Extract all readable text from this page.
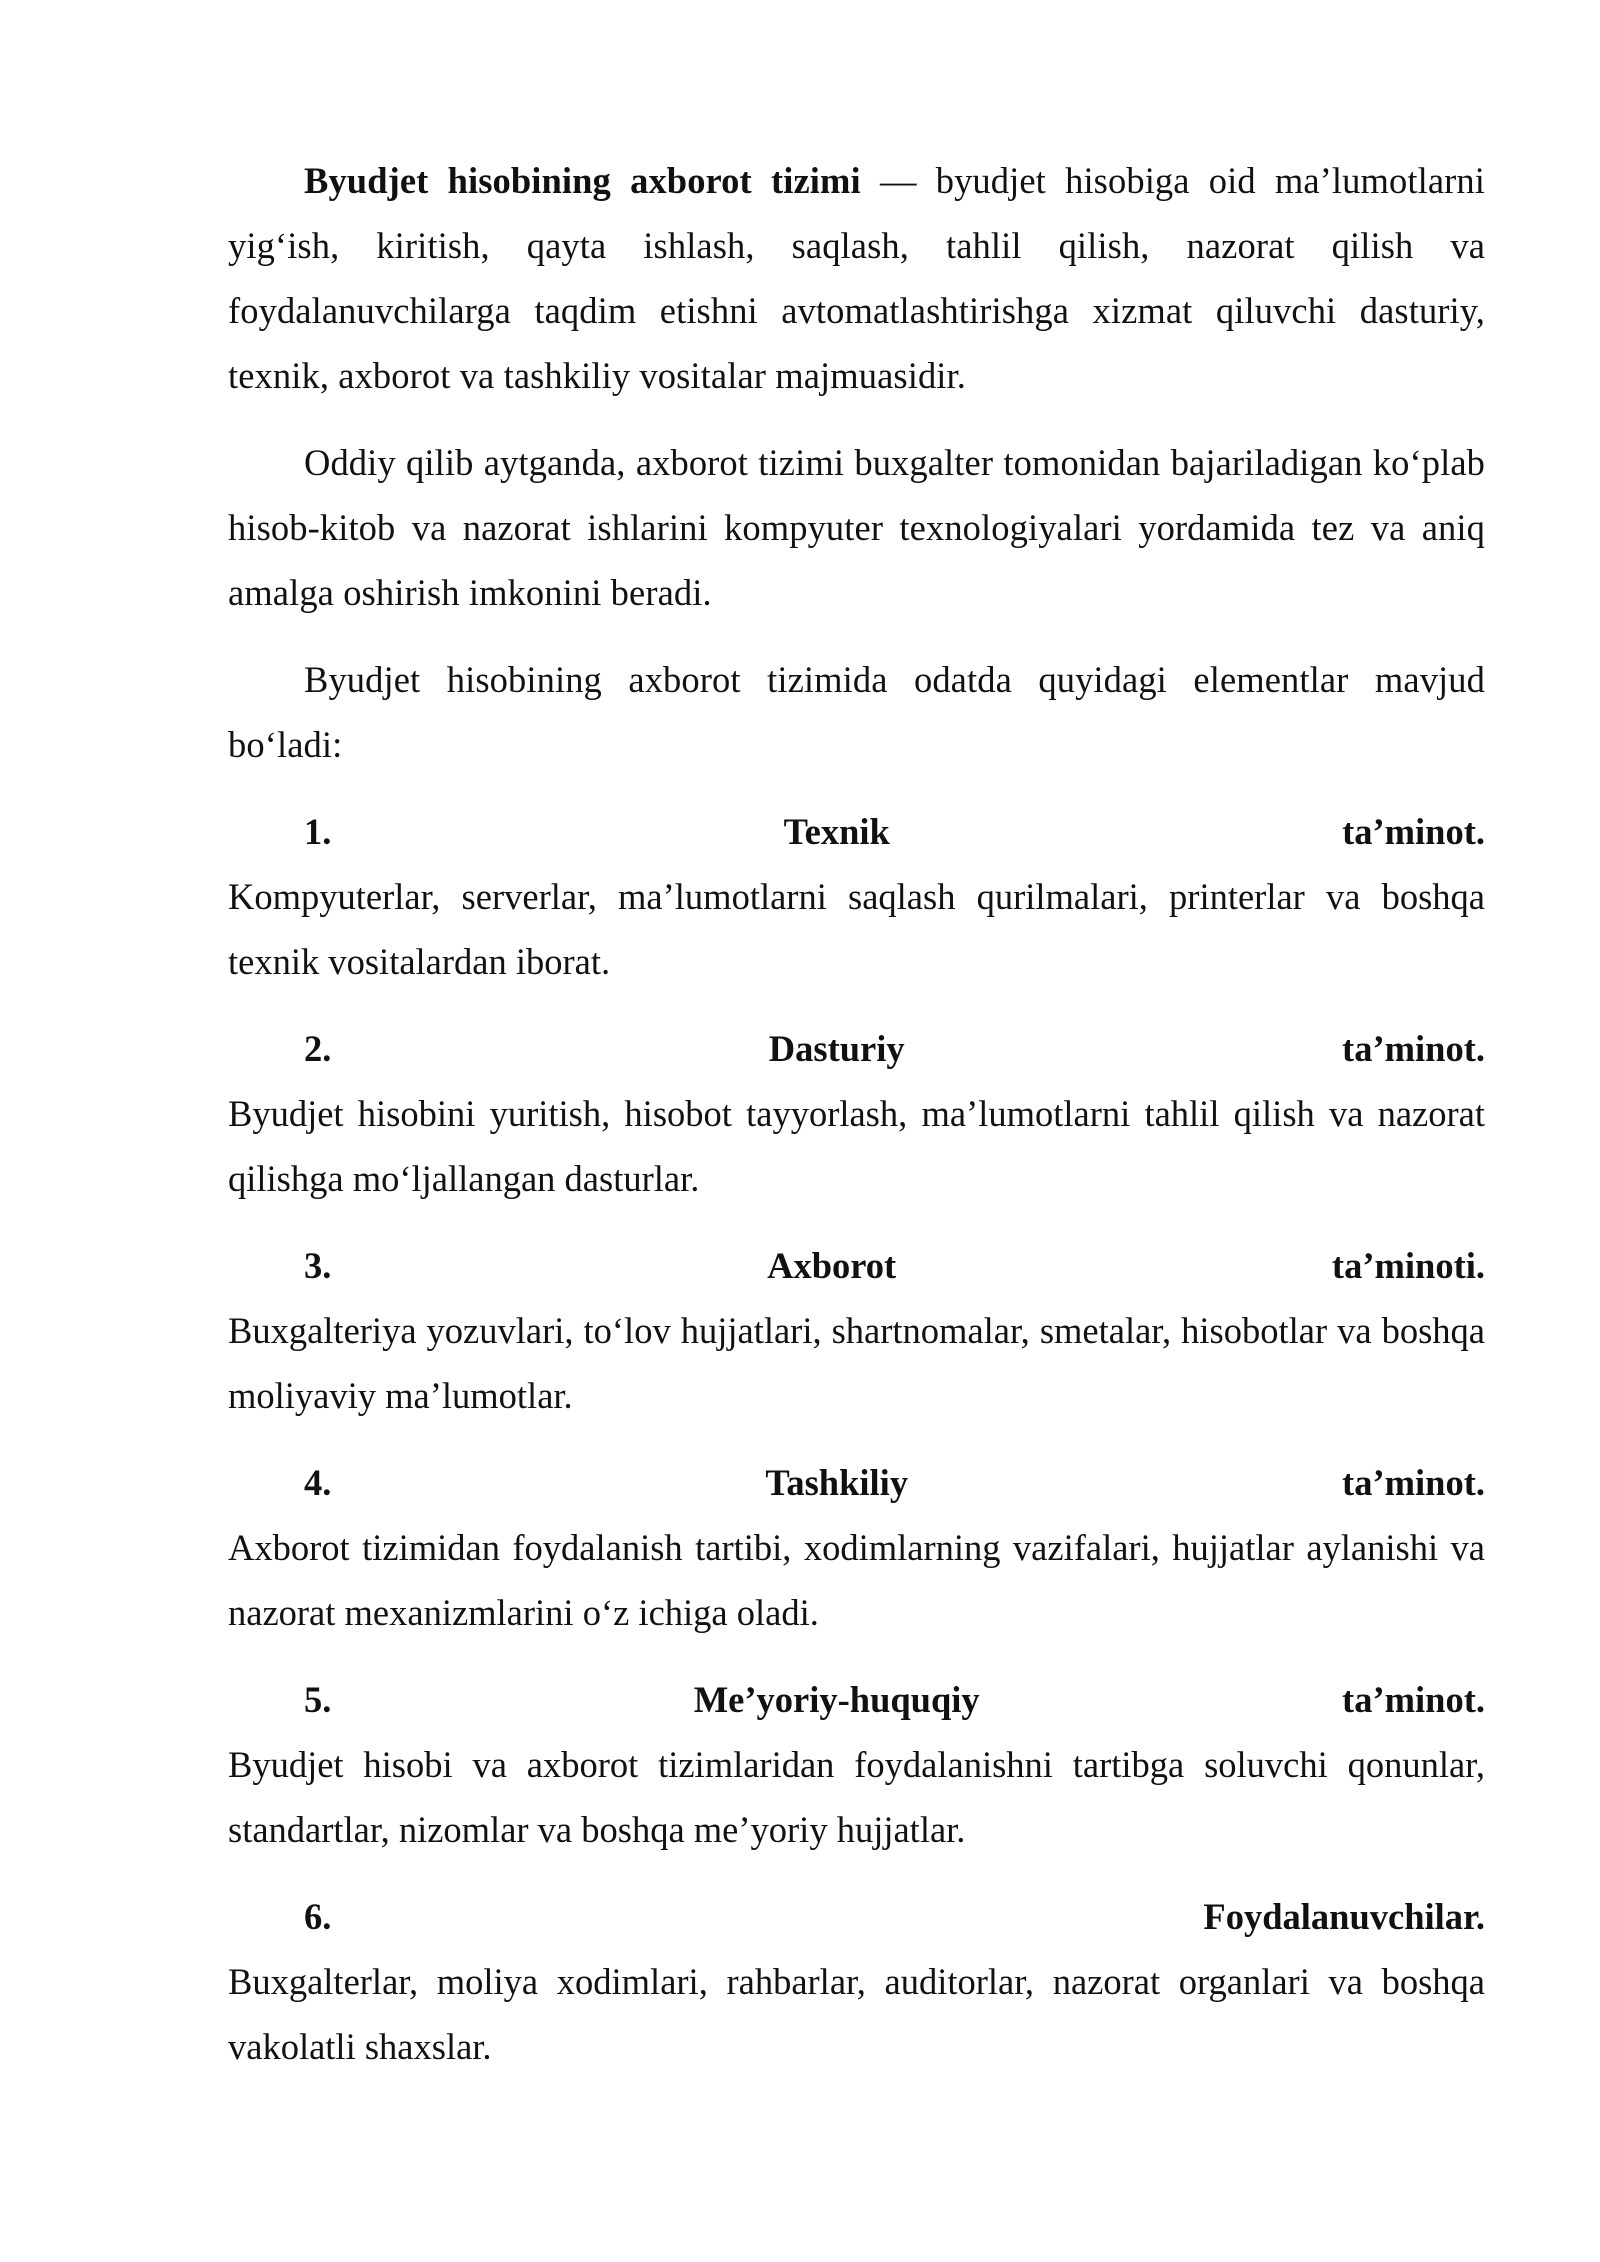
Byudjet hisobining axborot tizimi — byudjet hisobiga oid ma’lumotlarni yig‘ish, kiritish, qayta ishlash, saqlash, tahlil qilish, nazorat qilish va foydalanuvchilarga taqdim etishni avtomatlashtirishga xizmat qiluvchi dasturiy, texnik, axborot va tashkiliy vositalar majmuasidir.

Oddiy qilib aytganda, axborot tizimi buxgalter tomonidan bajariladigan ko‘plab hisob-kitob va nazorat ishlarini kompyuter texnologiyalari yordamida tez va aniq amalga oshirish imkonini beradi.

Byudjet hisobining axborot tizimida odatda quyidagi elementlar mavjud bo‘ladi:

1.	Texnik	ta’minot.
Kompyuterlar, serverlar, ma’lumotlarni saqlash qurilmalari, printerlar va boshqa texnik vositalardan iborat.
2.	Dasturiy	ta’minot.
Byudjet hisobini yuritish, hisobot tayyorlash, ma’lumotlarni tahlil qilish va nazorat qilishga mo‘ljallangan dasturlar.
3.	Axborot	ta’minoti.
Buxgalteriya yozuvlari, to‘lov hujjatlari, shartnomalar, smetalar, hisobotlar va boshqa moliyaviy ma’lumotlar.
4.	Tashkiliy	ta’minot.
Axborot tizimidan foydalanish tartibi, xodimlarning vazifalari, hujjatlar aylanishi va nazorat mexanizmlarini o‘z ichiga oladi.
5.	Me’yoriy-huquqiy	ta’minot.
Byudjet hisobi va axborot tizimlaridan foydalanishni tartibga soluvchi qonunlar, standartlar, nizomlar va boshqa me’yoriy hujjatlar.
6.	Foydalanuvchilar.
Buxgalterlar, moliya xodimlari, rahbarlar, auditorlar, nazorat organlari va boshqa vakolatli shaxslar.
